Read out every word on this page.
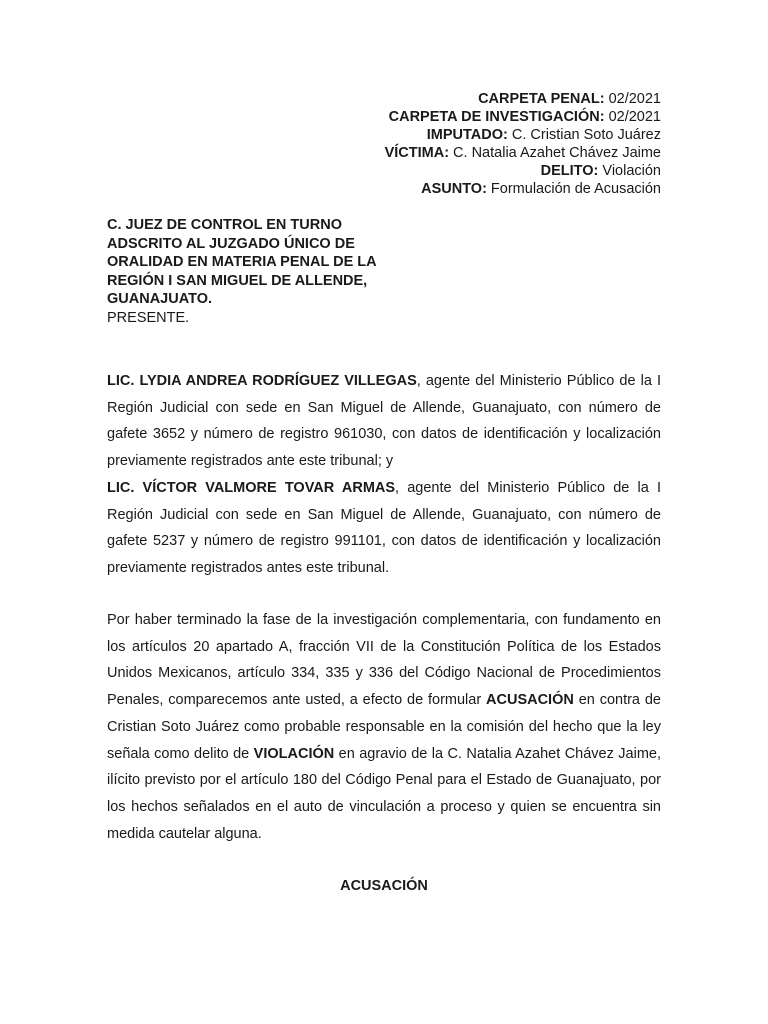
CARPETA PENAL: 02/2021
CARPETA DE INVESTIGACIÓN: 02/2021
IMPUTADO: C. Cristian Soto Juárez
VÍCTIMA: C. Natalia Azahet Chávez Jaime
DELITO: Violación
ASUNTO: Formulación de Acusación
C. JUEZ DE CONTROL EN TURNO
ADSCRITO AL JUZGADO ÚNICO DE
ORALIDAD EN MATERIA PENAL DE LA
REGIÓN I SAN MIGUEL DE ALLENDE,
GUANAJUATO.
PRESENTE.

LIC. LYDIA ANDREA RODRÍGUEZ VILLEGAS, agente del Ministerio Público de la I Región Judicial con sede en San Miguel de Allende, Guanajuato, con número de gafete 3652 y número de registro 961030, con datos de identificación y localización previamente registrados ante este tribunal; y

LIC. VÍCTOR VALMORE TOVAR ARMAS, agente del Ministerio Público de la I Región Judicial con sede en San Miguel de Allende, Guanajuato, con número de gafete 5237 y número de registro 991101, con datos de identificación y localización previamente registrados antes este tribunal.

Por haber terminado la fase de la investigación complementaria, con fundamento en los artículos 20 apartado A, fracción VII de la Constitución Política de los Estados Unidos Mexicanos, artículo 334, 335 y 336 del Código Nacional de Procedimientos Penales, comparecemos ante usted, a efecto de formular ACUSACIÓN en contra de Cristian Soto Juárez como probable responsable en la comisión del hecho que la ley señala como delito de VIOLACIÓN en agravio de la C. Natalia Azahet Chávez Jaime, ilícito previsto por el artículo 180 del Código Penal para el Estado de Guanajuato, por los hechos señalados en el auto de vinculación a proceso y quien se encuentra sin medida cautelar alguna.

ACUSACIÓN
